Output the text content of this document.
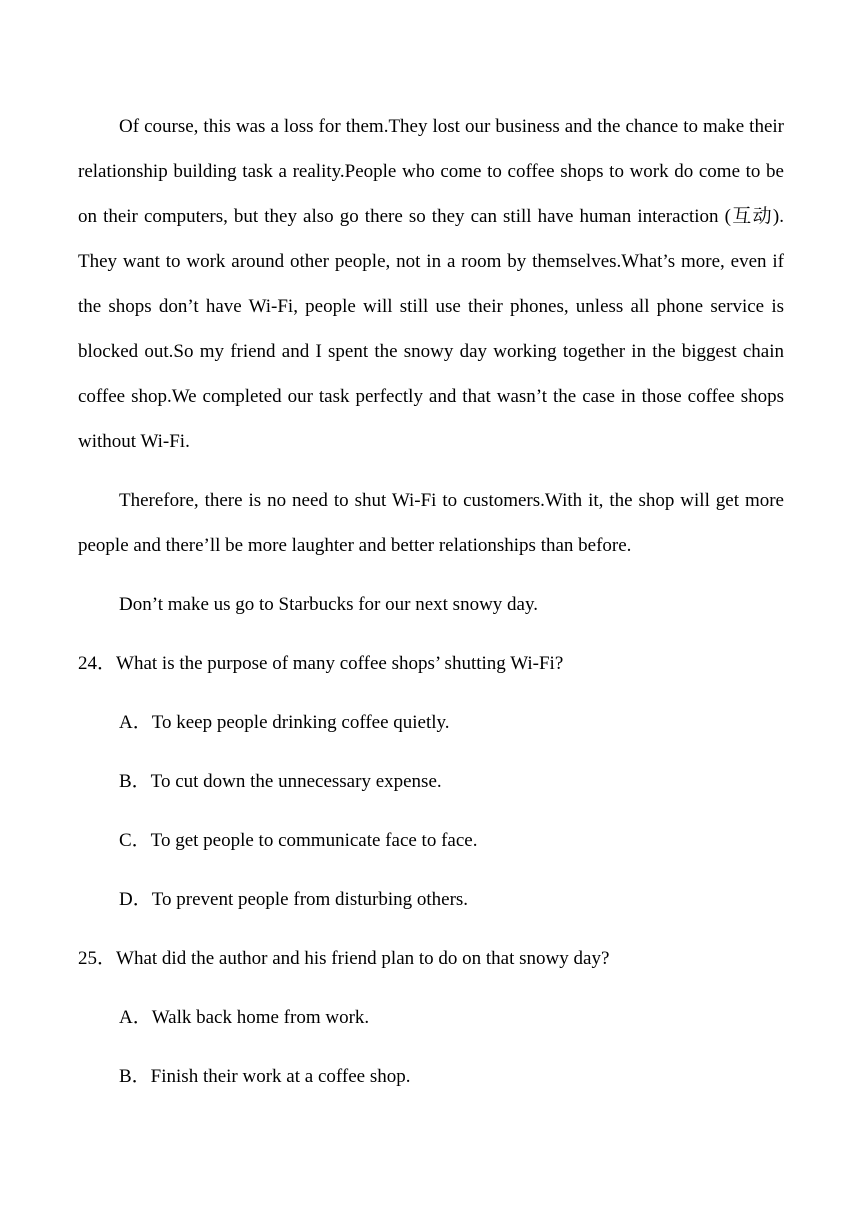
Of course, this was a loss for them.They lost our business and the chance to make their relationship building task a reality.People who come to coffee shops to work do come to be on their computers, but they also go there so they can still have human interaction (互动). They want to work around other people, not in a room by themselves.What’s more, even if the shops don’t have Wi-Fi, people will still use their phones, unless all phone service is blocked out.So my friend and I spent the snowy day working together in the biggest chain coffee shop.We completed our task perfectly and that wasn’t the case in those coffee shops without Wi-Fi.

Therefore, there is no need to shut Wi-Fi to customers.With it, the shop will get more people and there’ll be more laughter and better relationships than before.

Don’t make us go to Starbucks for our next snowy day.

24．What is the purpose of many coffee shops’ shutting Wi-Fi?

A．To keep people drinking coffee quietly.

B．To cut down the unnecessary expense.

C．To get people to communicate face to face.

D．To prevent people from disturbing others.

25．What did the author and his friend plan to do on that snowy day?

A．Walk back home from work.

B．Finish their work at a coffee shop.
